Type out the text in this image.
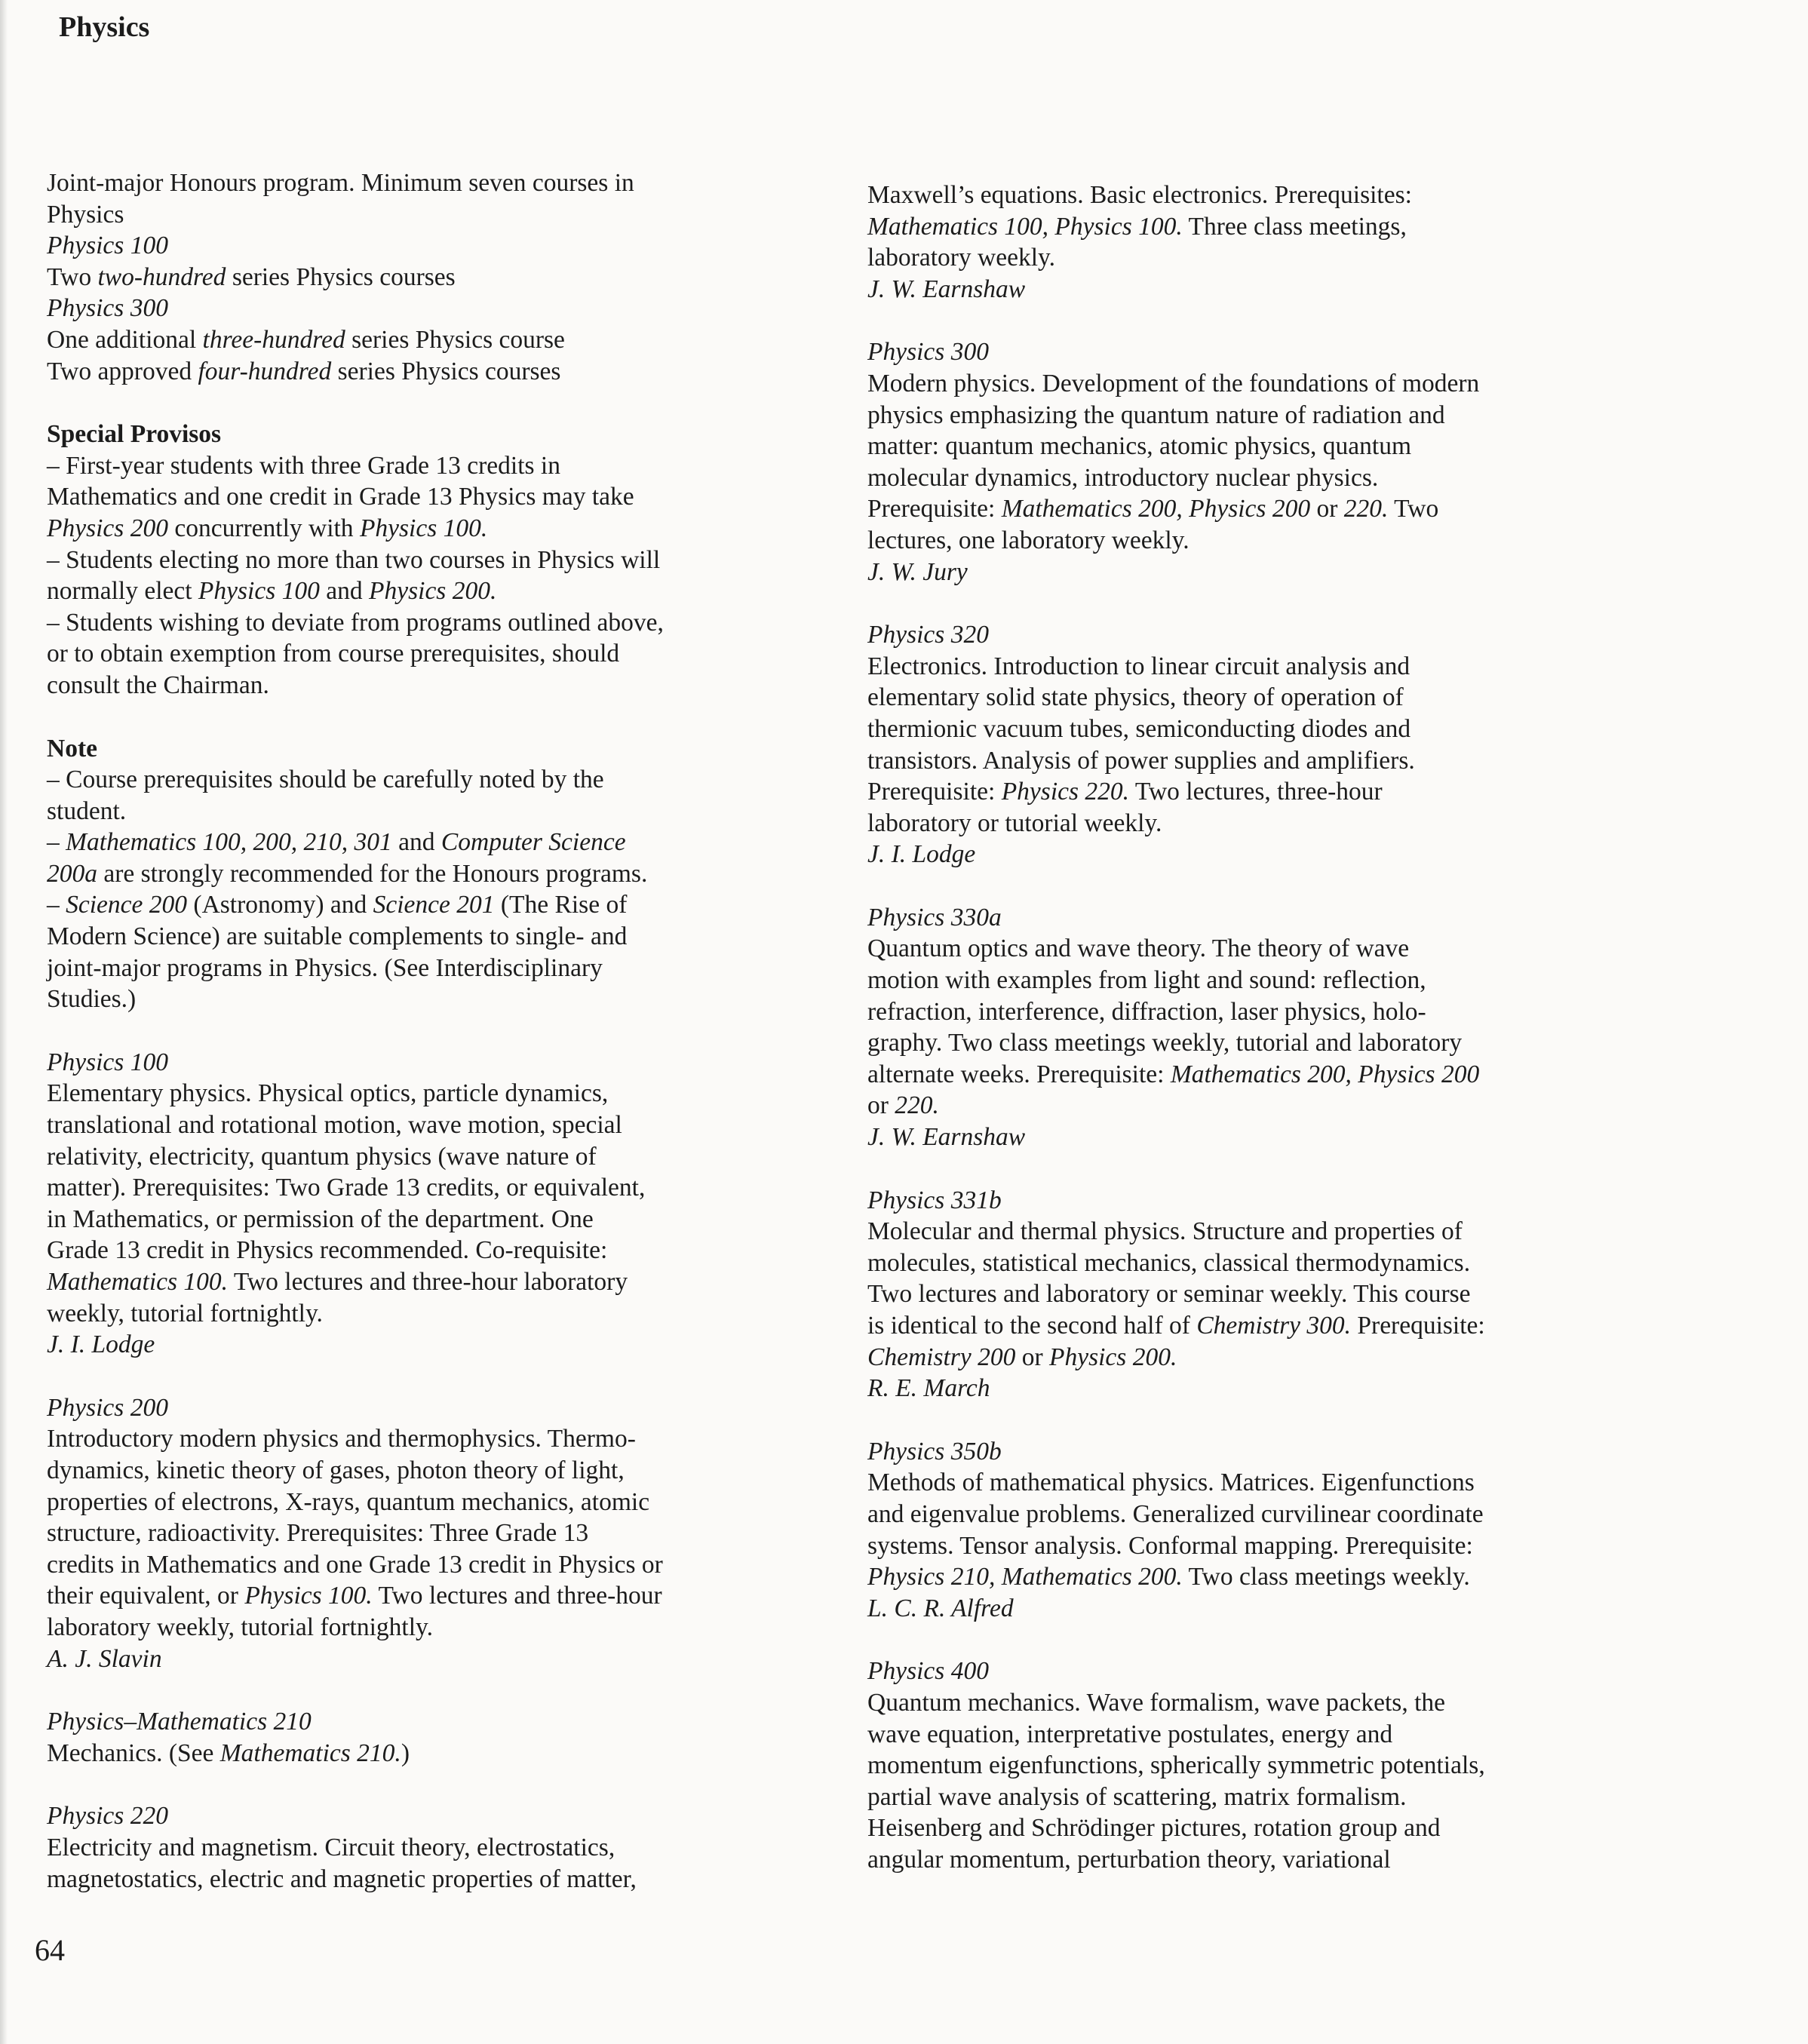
Physics
Joint-major Honours program. Minimum seven courses in
Physics
Physics 100
Two two-hundred series Physics courses
Physics 300
One additional three-hundred series Physics course
Two approved four-hundred series Physics courses

Special Provisos

– First-year students with three Grade 13 credits in
Mathematics and one credit in Grade 13 Physics may take
Physics 200 concurrently with Physics 100.
– Students electing no more than two courses in Physics will
normally elect Physics 100 and Physics 200.
– Students wishing to deviate from programs outlined above,
or to obtain exemption from course prerequisites, should
consult the Chairman.

Note

– Course prerequisites should be carefully noted by the
student.
– Mathematics 100, 200, 210, 301 and Computer Science
200a are strongly recommended for the Honours programs.
– Science 200 (Astronomy) and Science 201 (The Rise of
Modern Science) are suitable complements to single- and
joint-major programs in Physics. (See Interdisciplinary
Studies.)

Physics 100

Elementary physics. Physical optics, particle dynamics,
translational and rotational motion, wave motion, special
relativity, electricity, quantum physics (wave nature of
matter). Prerequisites: Two Grade 13 credits, or equivalent,
in Mathematics, or permission of the department. One
Grade 13 credit in Physics recommended. Co-requisite:
Mathematics 100. Two lectures and three-hour laboratory
weekly, tutorial fortnightly.
J. I. Lodge

Physics 200

Introductory modern physics and thermophysics. Thermo-
dynamics, kinetic theory of gases, photon theory of light,
properties of electrons, X-rays, quantum mechanics, atomic
structure, radioactivity. Prerequisites: Three Grade 13
credits in Mathematics and one Grade 13 credit in Physics or
their equivalent, or Physics 100. Two lectures and three-hour
laboratory weekly, tutorial fortnightly.
A. J. Slavin

Physics–Mathematics 210

Mechanics. (See Mathematics 210.)

Physics 220

Electricity and magnetism. Circuit theory, electrostatics,
magnetostatics, electric and magnetic properties of matter,
Maxwell’s equations. Basic electronics. Prerequisites:
Mathematics 100, Physics 100. Three class meetings,
laboratory weekly.
J. W. Earnshaw

Physics 300

Modern physics. Development of the foundations of modern
physics emphasizing the quantum nature of radiation and
matter: quantum mechanics, atomic physics, quantum
molecular dynamics, introductory nuclear physics.
Prerequisite: Mathematics 200, Physics 200 or 220. Two
lectures, one laboratory weekly.
J. W. Jury

Physics 320

Electronics. Introduction to linear circuit analysis and
elementary solid state physics, theory of operation of
thermionic vacuum tubes, semiconducting diodes and
transistors. Analysis of power supplies and amplifiers.
Prerequisite: Physics 220. Two lectures, three-hour
laboratory or tutorial weekly.
J. I. Lodge

Physics 330a

Quantum optics and wave theory. The theory of wave
motion with examples from light and sound: reflection,
refraction, interference, diffraction, laser physics, holo-
graphy. Two class meetings weekly, tutorial and laboratory
alternate weeks. Prerequisite: Mathematics 200, Physics 200
or 220.
J. W. Earnshaw

Physics 331b

Molecular and thermal physics. Structure and properties of
molecules, statistical mechanics, classical thermodynamics.
Two lectures and laboratory or seminar weekly. This course
is identical to the second half of Chemistry 300. Prerequisite:
Chemistry 200 or Physics 200.
R. E. March

Physics 350b

Methods of mathematical physics. Matrices. Eigenfunctions
and eigenvalue problems. Generalized curvilinear coordinate
systems. Tensor analysis. Conformal mapping. Prerequisite:
Physics 210, Mathematics 200. Two class meetings weekly.
L. C. R. Alfred

Physics 400

Quantum mechanics. Wave formalism, wave packets, the
wave equation, interpretative postulates, energy and
momentum eigenfunctions, spherically symmetric potentials,
partial wave analysis of scattering, matrix formalism.
Heisenberg and Schrödinger pictures, rotation group and
angular momentum, perturbation theory, variational
64
